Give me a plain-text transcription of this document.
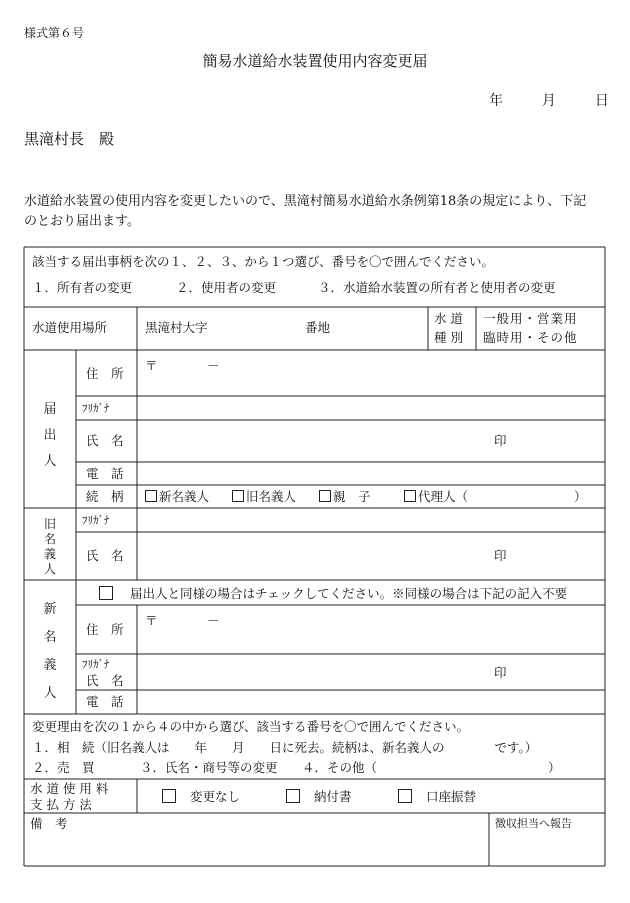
様式第６号
簡易水道給水装置使用内容変更届
年	月	日
黒滝村長　殿
水道給水装置の使用内容を変更したいので、黒滝村簡易水道給水条例第18条の規定により、下記のとおり届出ます。
該当する届出事柄を次の１、２、３、から１つ選び、番号を〇で囲んでください。
１．所有者の変更	２．使用者の変更	３．水道給水装置の所有者と使用者の変更
水道使用場所	黒滝村大字	番地
水 道
種 別
一般用・営業用
臨時用・その他
届
出
人
住　所
〒	－
ﾌﾘｶﾞﾅ
氏　名	印
電　話
続　柄	新名義人	旧名義人	親　子	代理人（	）
旧
名
義
人
ﾌﾘｶﾞﾅ
氏　名	印
新
名
義
人
届出人と同様の場合はチェックしてください。※同様の場合は下記の記入不要
住　所
〒	－
ﾌﾘｶﾞﾅ
氏　名
印
電　話
変更理由を次の１から４の中から選び、該当する番号を〇で囲んでください。
１．相　続（旧名義人は　　年　　月　　日に死去。続柄は、新名義人の　　　　です。）
２．売　買	３．氏名・商号等の変更 ４．その他（	）
水 道 使 用 料
支 払 方 法
変更なし	納付書	口座振替
備　考	徴収担当へ報告
